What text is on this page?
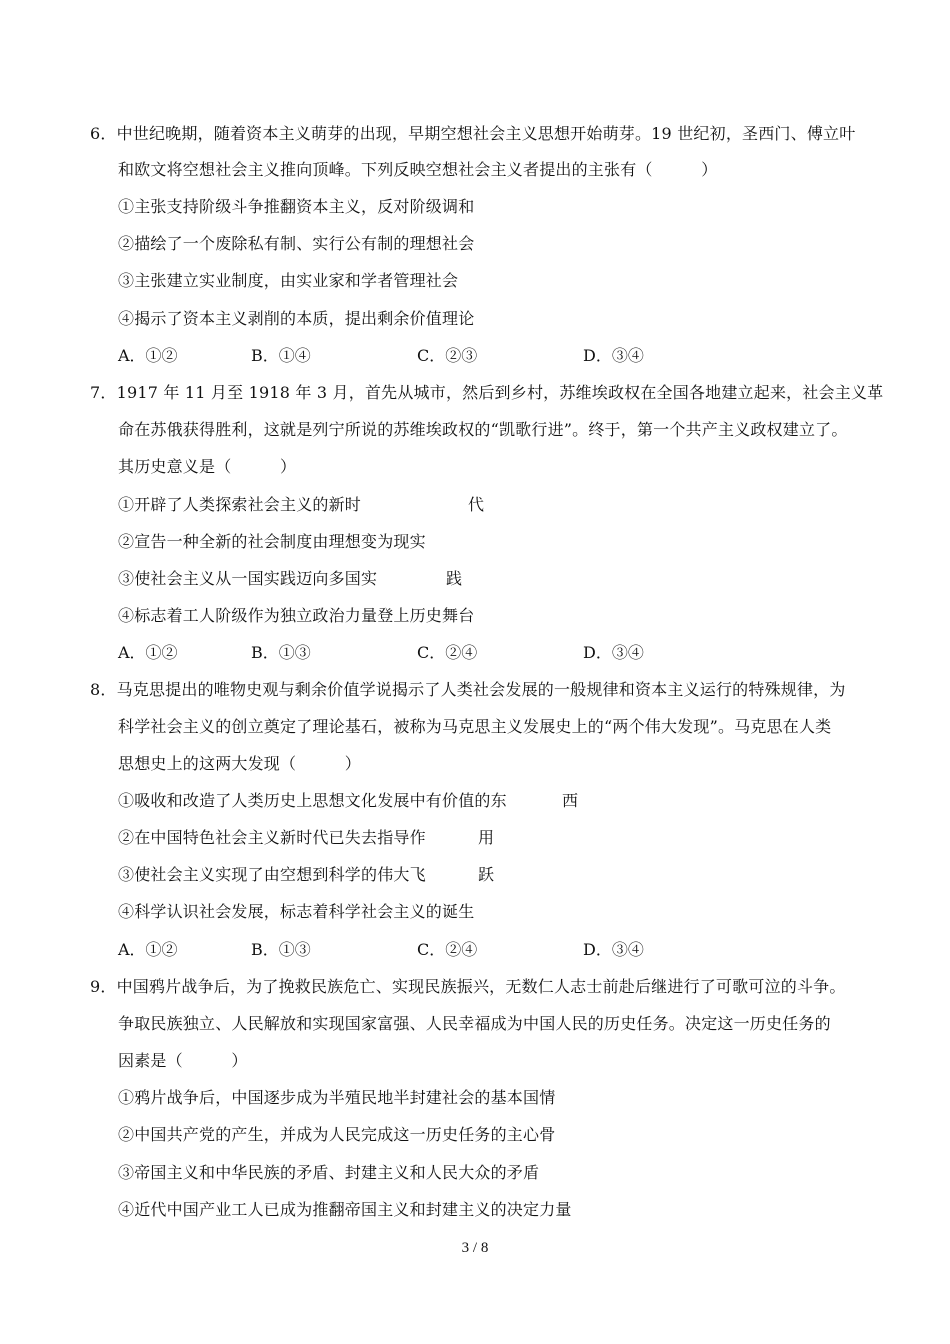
6．中世纪晚期，随着资本主义萌芽的出现，早期空想社会主义思想开始萌芽。19 世纪初，圣西门、傅立叶
和欧文将空想社会主义推向顶峰。下列反映空想社会主义者提出的主张有（　　　）
①主张支持阶级斗争推翻资本主义，反对阶级调和
②描绘了一个废除私有制、实行公有制的理想社会
③主张建立实业制度，由实业家和学者管理社会
④揭示了资本主义剥削的本质，提出剩余价值理论
A．①②	B．①④	C．②③	D．③④
7．1917 年 11 月至 1918 年 3 月，首先从城市，然后到乡村，苏维埃政权在全国各地建立起来，社会主义革
命在苏俄获得胜利，这就是列宁所说的苏维埃政权的“凯歌行进”。终于，第一个共产主义政权建立了。
其历史意义是（　　　）
①开辟了人类探索社会主义的新时	代
②宣告一种全新的社会制度由理想变为现实
③使社会主义从一国实践迈向多国实	践
④标志着工人阶级作为独立政治力量登上历史舞台
A．①②	B．①③	C．②④	D．③④
8．马克思提出的唯物史观与剩余价值学说揭示了人类社会发展的一般规律和资本主义运行的特殊规律，为
科学社会主义的创立奠定了理论基石，被称为马克思主义发展史上的“两个伟大发现”。马克思在人类
思想史上的这两大发现（　　　）
①吸收和改造了人类历史上思想文化发展中有价值的东	西
②在中国特色社会主义新时代已失去指导作	用
③使社会主义实现了由空想到科学的伟大飞	跃
④科学认识社会发展，标志着科学社会主义的诞生
A．①②	B．①③	C．②④	D．③④
9．中国鸦片战争后，为了挽救民族危亡、实现民族振兴，无数仁人志士前赴后继进行了可歌可泣的斗争。
争取民族独立、人民解放和实现国家富强、人民幸福成为中国人民的历史任务。决定这一历史任务的
因素是（　　　）
①鸦片战争后，中国逐步成为半殖民地半封建社会的基本国情
②中国共产党的产生，并成为人民完成这一历史任务的主心骨
③帝国主义和中华民族的矛盾、封建主义和人民大众的矛盾
④近代中国产业工人已成为推翻帝国主义和封建主义的决定力量
3 / 8
